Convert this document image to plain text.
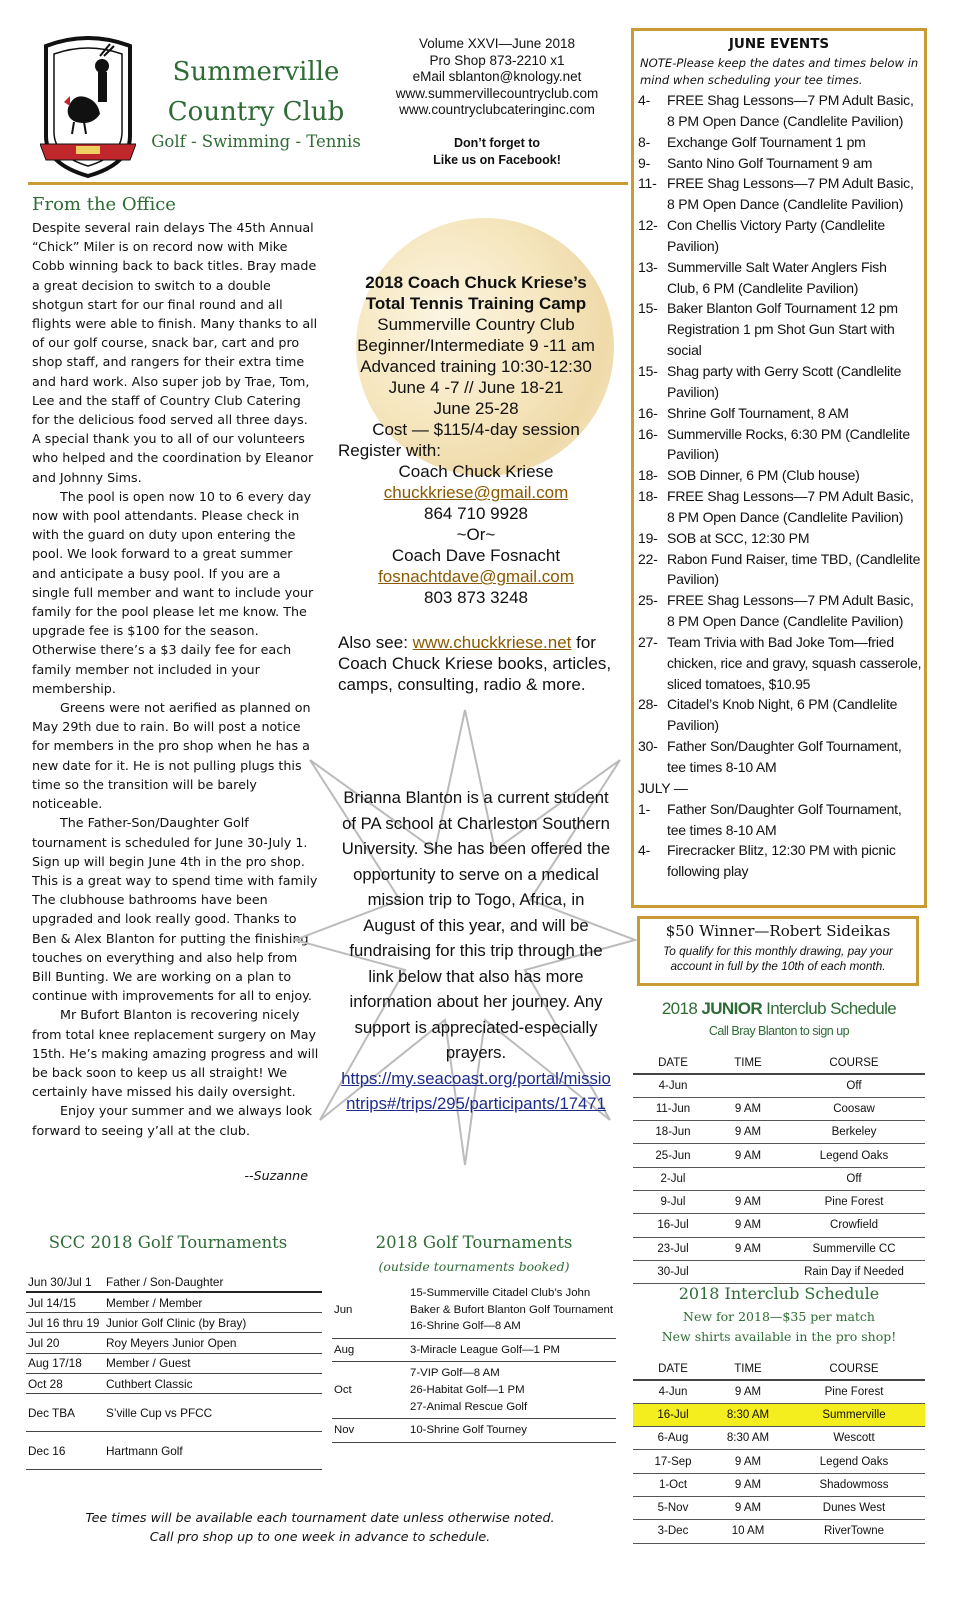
Summerville
Country Club
Golf - Swimming - Tennis
Volume XXVI—June 2018
Pro Shop 873-2210 x1
eMail sblanton@knology.net
www.summervillecountryclub.com
www.countryclubcateringinc.com
Don’t forget to
Like us on Facebook!
From the Office

Despite several rain delays The 45th Annual “Chick” Miler is on record now with Mike Cobb winning back to back titles. Bray made a great decision to switch to a double shotgun start for our final round and all flights were able to finish. Many thanks to all of our golf course, snack bar, cart and pro shop staff, and rangers for their extra time and hard work. Also super job by Trae, Tom, Lee and the staff of Country Club Catering for the delicious food served all three days. A special thank you to all of our volunteers who helped and the coordination by Eleanor and Johnny Sims.

The pool is open now 10 to 6 every day now with pool attendants. Please check in with the guard on duty upon entering the pool. We look forward to a great summer and anticipate a busy pool. If you are a single full member and want to include your family for the pool please let me know. The upgrade fee is $100 for the season. Otherwise there’s a $3 daily fee for each family member not included in your membership.

Greens were not aerified as planned on May 29th due to rain. Bo will post a notice for members in the pro shop when he has a new date for it. He is not pulling plugs this time so the transition will be barely noticeable.

The Father-Son/Daughter Golf tournament is scheduled for June 30-July 1. Sign up will begin June 4th in the pro shop. This is a great way to spend time with family The clubhouse bathrooms have been upgraded and look really good. Thanks to Ben & Alex Blanton for putting the finishing touches on everything and also help from Bill Bunting. We are working on a plan to continue with improvements for all to enjoy.

Mr Bufort Blanton is recovering nicely from total knee replacement surgery on May 15th. He’s making amazing progress and will be back soon to keep us all straight! We certainly have missed his daily oversight.

Enjoy your summer and we always look forward to seeing y’all at the club.

--Suzanne
2018 Coach Chuck Kriese’s
Total Tennis Training Camp
Summerville Country Club
Beginner/Intermediate 9 -11 am
Advanced training 10:30-12:30
June 4 -7 // June 18-21
June 25-28
Cost — $115/4-day session
Register with:
Coach Chuck Kriese
chuckkriese@gmail.com
864 710 9928
~Or~
Coach Dave Fosnacht
fosnachtdave@gmail.com
803 873 3248
Also see: www.chuckkriese.net for Coach Chuck Kriese books, articles, camps, consulting, radio & more.
Brianna Blanton is a current student of PA school at Charleston Southern University. She has been offered the opportunity to serve on a medical mission trip to Togo, Africa, in August of this year, and will be fundraising for this trip through the link below that also has more information about her journey. Any support is appreciated-especially prayers.
https://my.seacoast.org/portal/missiontrips#/trips/295/participants/17471
JUNE EVENTS
NOTE-Please keep the dates and times below in mind when scheduling your tee times.
4-	FREE Shag Lessons—7 PM Adult Basic, 8 PM Open Dance (Candlelite Pavilion)
8-	Exchange Golf Tournament 1 pm
9-	Santo Nino Golf Tournament 9 am
11- FREE Shag Lessons—7 PM Adult Basic, 8 PM Open Dance (Candlelite Pavilion)
12- Con Chellis Victory Party (Candlelite Pavilion)
13- Summerville Salt Water Anglers Fish Club, 6 PM (Candlelite Pavilion)
15- Baker Blanton Golf Tournament 12 pm Registration 1 pm Shot Gun Start with social
15- Shag party with Gerry Scott (Candlelite Pavilion)
16- Shrine Golf Tournament, 8 AM
16- Summerville Rocks, 6:30 PM (Candlelite Pavilion)
18- SOB Dinner, 6 PM (Club house)
18- FREE Shag Lessons—7 PM Adult Basic, 8 PM Open Dance (Candlelite Pavilion)
19- SOB at SCC, 12:30 PM
22- Rabon Fund Raiser, time TBD, (Candlelite Pavilion)
25- FREE Shag Lessons—7 PM Adult Basic, 8 PM Open Dance (Candlelite Pavilion)
27- Team Trivia with Bad Joke Tom—fried chicken, rice and gravy, squash casserole, sliced tomatoes, $10.95
28- Citadel’s Knob Night, 6 PM (Candlelite Pavilion)
30- Father Son/Daughter Golf Tournament, tee times 8-10 AM
JULY —
1-	Father Son/Daughter Golf Tournament, tee times 8-10 AM
4-	Firecracker Blitz, 12:30 PM with picnic following play
$50 Winner—Robert Sideikas
To qualify for this monthly drawing, pay your account in full by the 10th of each month.
2018 JUNIOR Interclub Schedule
Call Bray Blanton to sign up
DATE	TIME	COURSE
4-Jun		Off
11-Jun	9 AM	Coosaw
18-Jun	9 AM	Berkeley
25-Jun	9 AM	Legend Oaks
2-Jul		Off
9-Jul	9 AM	Pine Forest
16-Jul	9 AM	Crowfield
23-Jul	9 AM	Summerville CC
30-Jul		Rain Day if Needed
2018 Interclub Schedule
New for 2018—$35 per match
New shirts available in the pro shop!
DATE	TIME	COURSE
4-Jun	9 AM	Pine Forest
16-Jul	8:30 AM	Summerville
6-Aug	8:30 AM	Wescott
17-Sep	9 AM	Legend Oaks
1-Oct	9 AM	Shadowmoss
5-Nov	9 AM	Dunes West
3-Dec	10 AM	RiverTowne
SCC 2018 Golf Tournaments
Jun 30/Jul 1	Father / Son-Daughter
Jul 14/15	Member / Member
Jul 16 thru 19	Junior Golf Clinic (by Bray)
Jul 20	Roy Meyers Junior Open
Aug 17/18	Member / Guest
Oct 28	Cuthbert Classic
Dec TBA	S’ville Cup vs PFCC
Dec 16	Hartmann Golf
2018 Golf Tournaments
(outside tournaments booked)
Jun	15-Summerville Citadel Club’s John Baker & Bufort Blanton Golf Tournament
16-Shrine Golf—8 AM

Aug	3-Miracle League Golf—1 PM

Oct	7-VIP Golf—8 AM
26-Habitat Golf—1 PM
27-Animal Rescue Golf

Nov	10-Shrine Golf Tourney
Tee times will be available each tournament date unless otherwise noted.
Call pro shop up to one week in advance to schedule.
